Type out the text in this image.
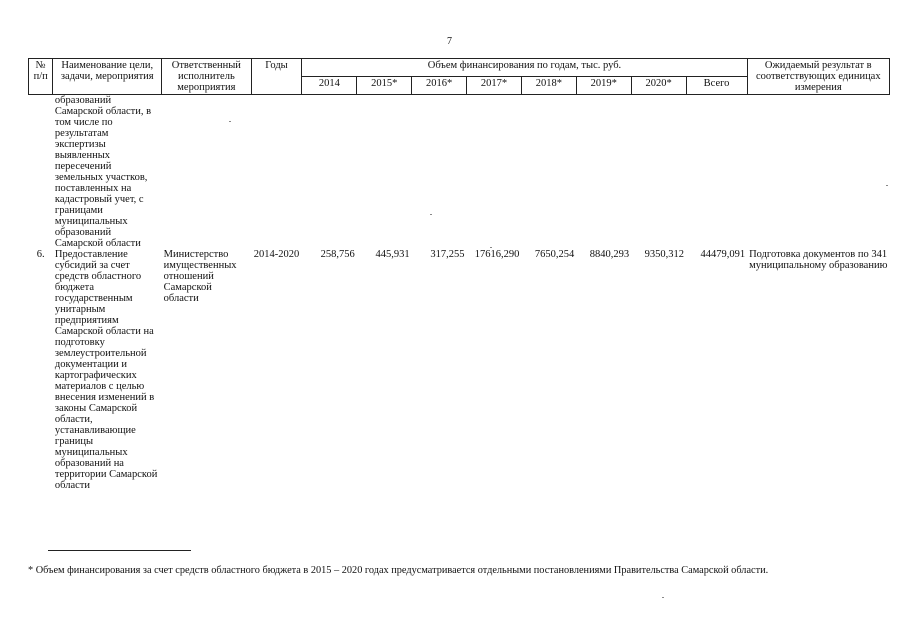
7
№ п/п	Наименование цели, задачи, мероприятия	Ответственный исполнитель мероприятия	Годы	Объем финансирования по годам, тыс. руб.								Ожидаемый результат в соответствующих единицах измерения
				2014	2015*	2016*	2017*	2018*	2019*	2020*	Всего	
	образований Самарской области, в том числе по результатам экспертизы выявленных пересечений земельных участков, поставленных на кадастровый учет, с границами муниципальных образований Самарской области											
6.	Предоставление субсидий за счет средств областного бюджета государственным унитарным предприятиям Самарской области на подготовку землеустроительной документации и картографических материалов с целью внесения изменений в законы Самарской области, устанавливающие границы муниципальных образований на территории Самарской области	Министерство имущественных отношений Самарской области	2014-2020	258,756	445,931	317,255	17616,290	7650,254	8840,293	9350,312	44479,091	Подготовка документов по 341 муниципальному образованию
* Объем финансирования за счет средств областного бюджета в 2015 – 2020 годах предусматривается отдельными постановлениями Правительства Самарской области.
